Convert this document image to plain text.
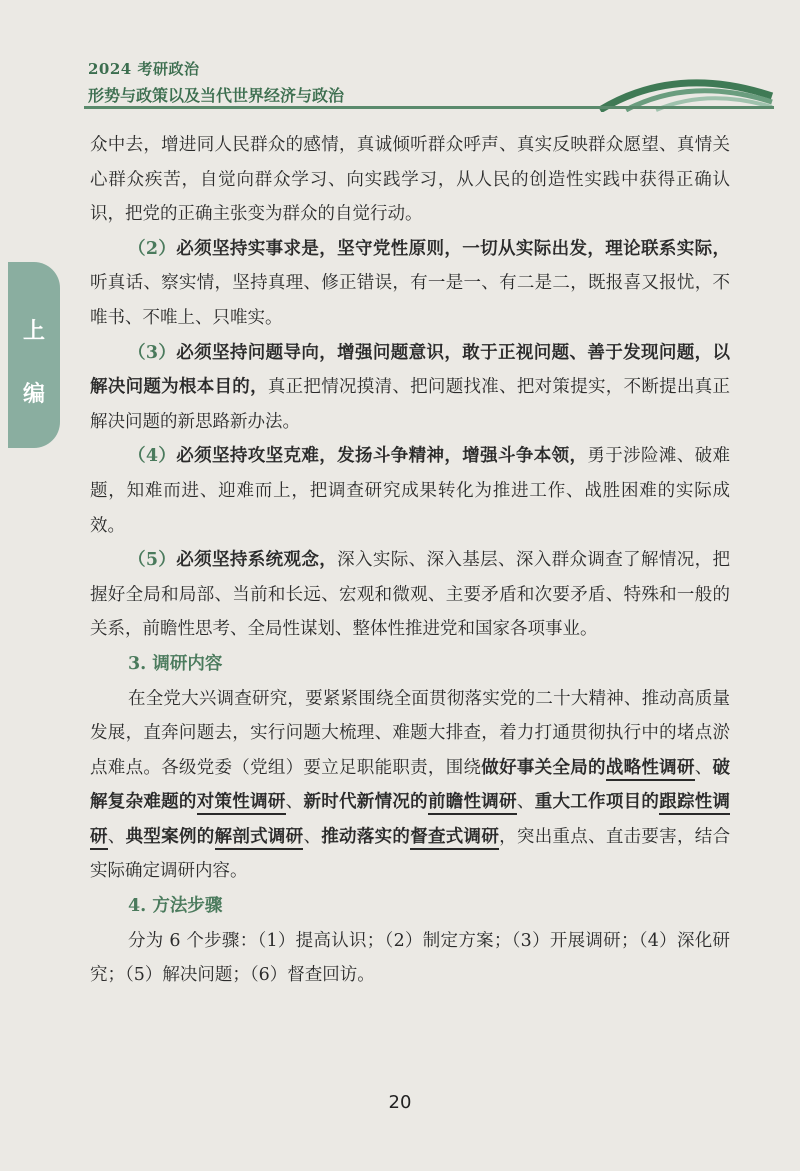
2024 考研政治
形势与政策以及当代世界经济与政治
上
编

众中去，增进同人民群众的感情，真诚倾听群众呼声、真实反映群众愿望、真情关心群众疾苦，自觉向群众学习、向实践学习，从人民的创造性实践中获得正确认识，把党的正确主张变为群众的自觉行动。

（2）必须坚持实事求是，坚守党性原则，一切从实际出发，理论联系实际，听真话、察实情，坚持真理、修正错误，有一是一、有二是二，既报喜又报忧，不唯书、不唯上、只唯实。

（3）必须坚持问题导向，增强问题意识，敢于正视问题、善于发现问题，以解决问题为根本目的，真正把情况摸清、把问题找准、把对策提实，不断提出真正解决问题的新思路新办法。

（4）必须坚持攻坚克难，发扬斗争精神，增强斗争本领，勇于涉险滩、破难题，知难而进、迎难而上，把调查研究成果转化为推进工作、战胜困难的实际成效。

（5）必须坚持系统观念，深入实际、深入基层、深入群众调查了解情况，把握好全局和局部、当前和长远、宏观和微观、主要矛盾和次要矛盾、特殊和一般的关系，前瞻性思考、全局性谋划、整体性推进党和国家各项事业。

3. 调研内容

在全党大兴调查研究，要紧紧围绕全面贯彻落实党的二十大精神、推动高质量发展，直奔问题去，实行问题大梳理、难题大排查，着力打通贯彻执行中的堵点淤点难点。各级党委（党组）要立足职能职责，围绕做好事关全局的战略性调研、破解复杂难题的对策性调研、新时代新情况的前瞻性调研、重大工作项目的跟踪性调研、典型案例的解剖式调研、推动落实的督查式调研，突出重点、直击要害，结合实际确定调研内容。

4. 方法步骤

分为 6 个步骤：（1）提高认识；（2）制定方案；（3）开展调研；（4）深化研究；（5）解决问题；（6）督查回访。

20
